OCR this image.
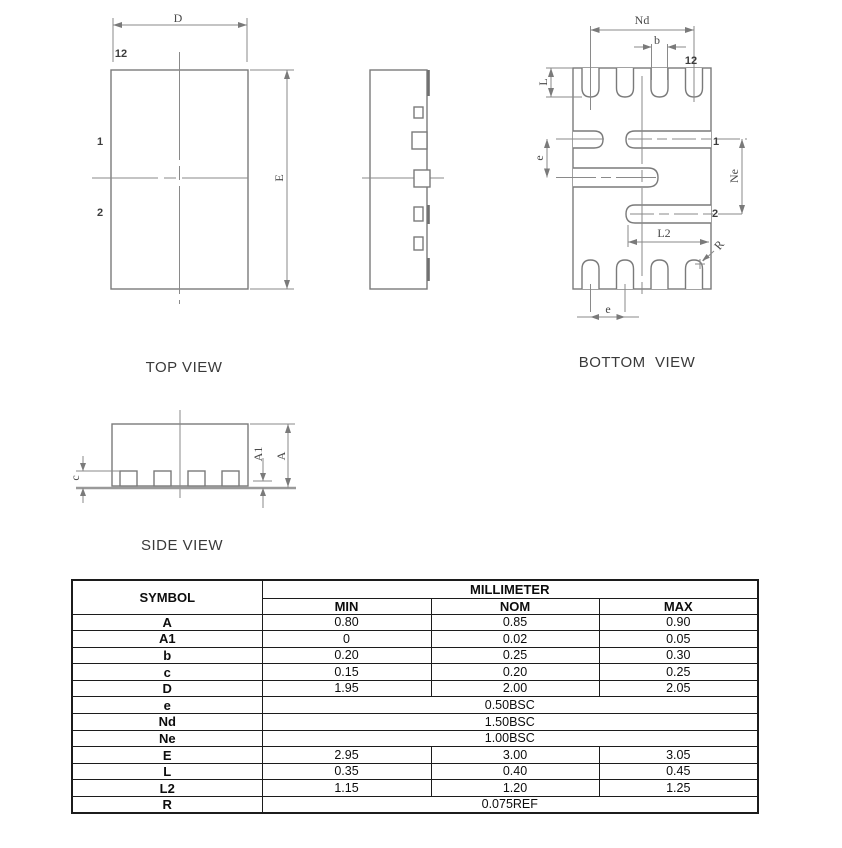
D
E
12
1
2
Nd
b
L
e
Ne
L2
R
e
12
1
2
c
A1 A
TOP VIEW	BOTTOM  VIEW
SIDE VIEW
SYMBOL	MILLIMETER		
	MIN	NOM	MAX
A	0.80	0.85	0.90
A1	0	0.02	0.05
b	0.20	0.25	0.30
c	0.15	0.20	0.25
D	1.95	2.00	2.05
e	0.50BSC		
Nd	1.50BSC		
Ne	1.00BSC		
E	2.95	3.00	3.05
L	0.35	0.40	0.45
L2	1.15	1.20	1.25
R	0.075REF		
